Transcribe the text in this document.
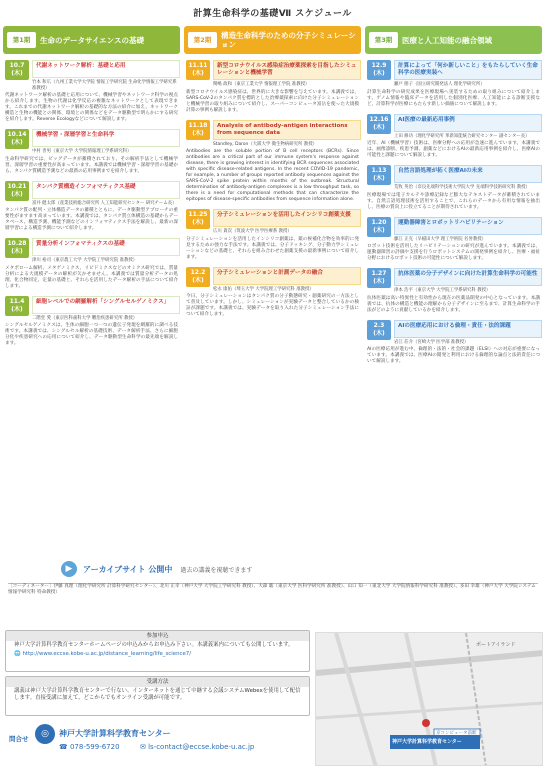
計算生命科学の基礎Ⅶ スケジュール
第1期	生命のデータサイエンスの基礎
10.7
(木)
代謝ネットワーク解析：基礎と応用
竹本 和広（九州工業大学大学院 情報工学研究院 生命化学情報工学研究系 准教授）
代謝ネットワーク解析の基礎と応用について、機械学習やネットワーク科学の視点から紹介します。生物の代謝は化学反応の複雑なネットワークとして表現できます。これまでの代謝ネットワーク解析の基礎的な方法の紹介に加え、ネットワーク構造と生物の機能との関係、環境との関係などをデータ駆動型で明らかにする研究を紹介します。Reverse Ecologyなどについて解説します。
10.14
(木)
機械学習・深層学習と生命科学
中村 善男（東京大学 大学院情報理工学系研究科）
生命科学研究では、ビッグデータが蓄積されており、その解析手法として機械学習、深層学習の重要性が高まっています。本講義では機械学習・深層学習の基礎から、タンパク質構造予測などの最新の応用事例までを紹介します。
10.21
(木)
タンパク質構造インフォマティクス基礎
富井 健太郎（産業技術総合研究所 人工知能研究センター 研究チーム長）
タンパク質の配列・立体構造データの蓄積とともに、データ駆動型アプローチの重要性がますます高まっています。本講義では、タンパク質立体構造の基礎からデータベース、構造予測、機能予測などのインフォマティクス手法を解説し、最新の深層学習による構造予測について紹介します。
10.28
(木)
質量分析インフォマティクスの基礎
津川 裕司（東京農工大学 大学院工学研究院 准教授）
メタボローム解析、メタゲノミクス、リピドミクスなどのオミクス研究では、質量分析による大規模データの解析が欠かせません。本講義では質量分析データの処理、化合物同定、定量の基礎と、それらを活用したデータ解析の手法について紹介します。
11.4
(木)
細胞レベルでの網羅解析「シングルセルゲノミクス」
二階堂 愛（東京医科歯科大学 難治疾患研究所 教授）
シングルセルゲノミクスは、生体の細胞一つ一つの遺伝子発現を網羅的に調べる技術です。本講義では、シングルセル解析の基礎技術、データ解析手法、さらに細胞分化や疾患研究への応用について紹介し、データ駆動型生命科学の最先端を解説します。
第2期	構造生命科学のための分子シミュレーション
11.11
(木)
新型コロナウイルス感染症治療薬探索を目指したシミュレーションと機械学習
関嶋 政和（東京工業大学 情報理工学院 准教授）
新型コロナウイルス感染症は、世界的に大きな影響を与えています。本講義では、SARS-CoV-2のタンパク質を標的とした治療薬探索に向けた分子シミュレーションと機械学習の取り組みについて紹介し、スーパーコンピュータ富岳を使った大規模計算の事例も解説します。
11.18
(木)
Analysis of antibody-antigen interactions from sequence data
Standley, Daron（大阪大学 微生物病研究所 教授）
Antibodies are the soluble portion of B cell receptors (BCRs). Since antibodies are a critical part of our immune system's response against disease, there is growing interest in identifying BCR sequences associated with specific disease-related antigens. In the recent COVID-19 pandemic, for example, a number of groups reported antibody sequences against the SARS-CoV-2 spike protein within months of the outbreak. Structural determination of antibody-antigen complexes is a low throughput task, so there is a need for computational methods that can characterize the epitopes of disease-specific antibodies from sequence information alone.
11.25
(木)
分子シミュレーションを活用したインシリコ創薬支援
広川 貴次（筑波大学 医学医療系 教授）
分子シミュレーションを活用したインシリコ創薬は、薬の候補化合物を効率的に発見するための強力な手法です。本講義では、分子ドッキング、分子動力学シミュレーションなどの基礎と、それらを組み合わせた創薬支援の最新事例について紹介します。
12.2
(木)
分子シミュレーションと計測データの融合
松永 康佑（埼玉大学 大学院理工学研究科 准教授）
今日、分子シミュレーションはタンパク質の分子動態研究・創薬研究の一方法として普及しています。しかし、シミュレーションが実験データと整合しているかの検証が課題です。本講義では、実験データを取り入れた分子シミュレーション手法について紹介します。
第3期	医療と人工知能の融合領域
12.9
(木)
計算によって「何か新しいこと」をもたらしていく生命科学の医療実装へ
瀬戸 朋子（国立研究開発法人 理化学研究所）
計算生命科学の研究成果を医療現場へ実装するための取り組みについて紹介します。ゲノム情報や臨床データを活用した個別化医療、人工知能による診断支援など、計算科学が医療にもたらす新しい価値について解説します。
12.16
(木)
AI医療の最新応用事例
上田 修功（理化学研究所 革新知能統合研究センター 副センター長）
近年、AI（機械学習）技術は、医療分野への応用が急速に進んでいます。本講義では、画像診断、疾患予測、創薬などにおけるAIの最新応用事例を紹介し、医療AIの可能性と課題について解説します。
1.13
(木)
自然言語処理が拓く医療AIの未来
荒牧 英治（奈良先端科学技術大学院大学 先端科学技術研究科 教授）
医療現場では電子カルテや診療記録など膨大なテキストデータが蓄積されています。自然言語処理技術を活用することで、これらのデータから有用な情報を抽出し、医療の質向上に役立てることが期待されています。
1.20
(木)
運動器障害とロボットリハビリテーション
藤江 正克（早稲田大学 理工学術院 名誉教授）
ロボット技術を活用したリハビリテーションの研究が進んでいます。本講義では、運動器障害の評価や支援を行うロボットシステムの開発事例を紹介し、医療・福祉分野におけるロボット技術の可能性について解説します。
1.27
(木)
抗体医薬の分子デザインに向けた計算生命科学の可能性
津本 浩平（東京大学 大学院工学系研究科 教授）
抗体医薬は高い特異性と有効性から現在の医薬品開発の中心となっています。本講義では、抗体の構造と機能の理解から分子デザインに至るまで、計算生命科学の手法がどのように貢献しているかを紹介します。
2.3
(木)
AIの医療応用における倫理・責任・法的課題
岩江 荘介（宮崎大学 医学部 准教授）
AIの医療応用が進む中、倫理的・法的・社会的課題（ELSI）への対応が重要になっています。本講義では、医療AIの開発と利用における倫理的な論点と法的責任について解説します。
▶	アーカイブサイト 公開中 過去の講義を視聴できます
［コーディネーター］伊藤 真理（理化学研究所 計算科学研究センター）、北川 正幸（神戸大学 大学院工学研究科 教授）、大森 聡（東京大学 医科学研究所 准教授）、山口 知一（東北大学 大学院情報科学研究科 准教授）、多田 幸雄（神戸大学 大学院システム情報学研究科 特命教授）
参加申込
神戸大学計算科学教育センターホームページの申込みからお申込み下さい。本講義案内についても公開しています。
🌐 http://www.eccse.kobe-u.ac.jp/distance_learning/life_science7/
受講方法
講義は神戸大学計算科学教育センターで行ない、インターネットを通じて中継する会議システムWebexを使用して配信します。直接受講に加えて、どこからでもオンライン受講が可能です。
問合せ	◎	神戸大学計算科学教育センター
☎ 078-599-6720	✉ ls-contact@eccse.kobe-u.ac.jp
ポートアイランド
京コンピュータ前駅
神戸大学計算科学教育センター
